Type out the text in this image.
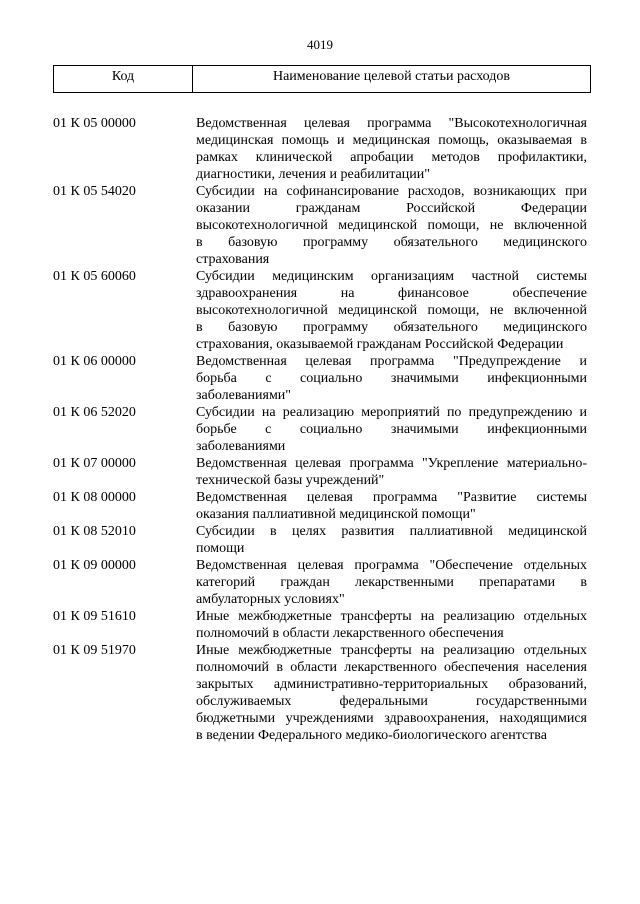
4019
Код	Наименование целевой статьи расходов
01 К 05 00000	Ведомственная целевая программа "Высокотехнологичная
медицинская помощь и медицинская помощь, оказываемая в
рамках клинической апробации методов профилактики,
диагностики, лечения и реабилитации"
01 К 05 54020	Субсидии на софинансирование расходов, возникающих при
оказании гражданам Российской Федерации
высокотехнологичной медицинской помощи, не включенной
в базовую программу обязательного медицинского
страхования
01 К 05 60060	Субсидии медицинским организациям частной системы
здравоохранения на финансовое обеспечение
высокотехнологичной медицинской помощи, не включенной
в базовую программу обязательного медицинского
страхования, оказываемой гражданам Российской Федерации
01 К 06 00000	Ведомственная целевая программа "Предупреждение и
борьба с социально значимыми инфекционными
заболеваниями"
01 К 06 52020	Субсидии на реализацию мероприятий по предупреждению и
борьбе с социально значимыми инфекционными
заболеваниями
01 К 07 00000	Ведомственная целевая программа "Укрепление материально-
технической базы учреждений"
01 К 08 00000	Ведомственная целевая программа "Развитие системы
оказания паллиативной медицинской помощи"
01 К 08 52010	Субсидии в целях развития паллиативной медицинской
помощи
01 К 09 00000	Ведомственная целевая программа "Обеспечение отдельных
категорий граждан лекарственными препаратами в
амбулаторных условиях"
01 К 09 51610	Иные межбюджетные трансферты на реализацию отдельных
полномочий в области лекарственного обеспечения
01 К 09 51970	Иные межбюджетные трансферты на реализацию отдельных
полномочий в области лекарственного обеспечения населения
закрытых административно-территориальных образований,
обслуживаемых федеральными государственными
бюджетными учреждениями здравоохранения, находящимися
в ведении Федерального медико-биологического агентства
